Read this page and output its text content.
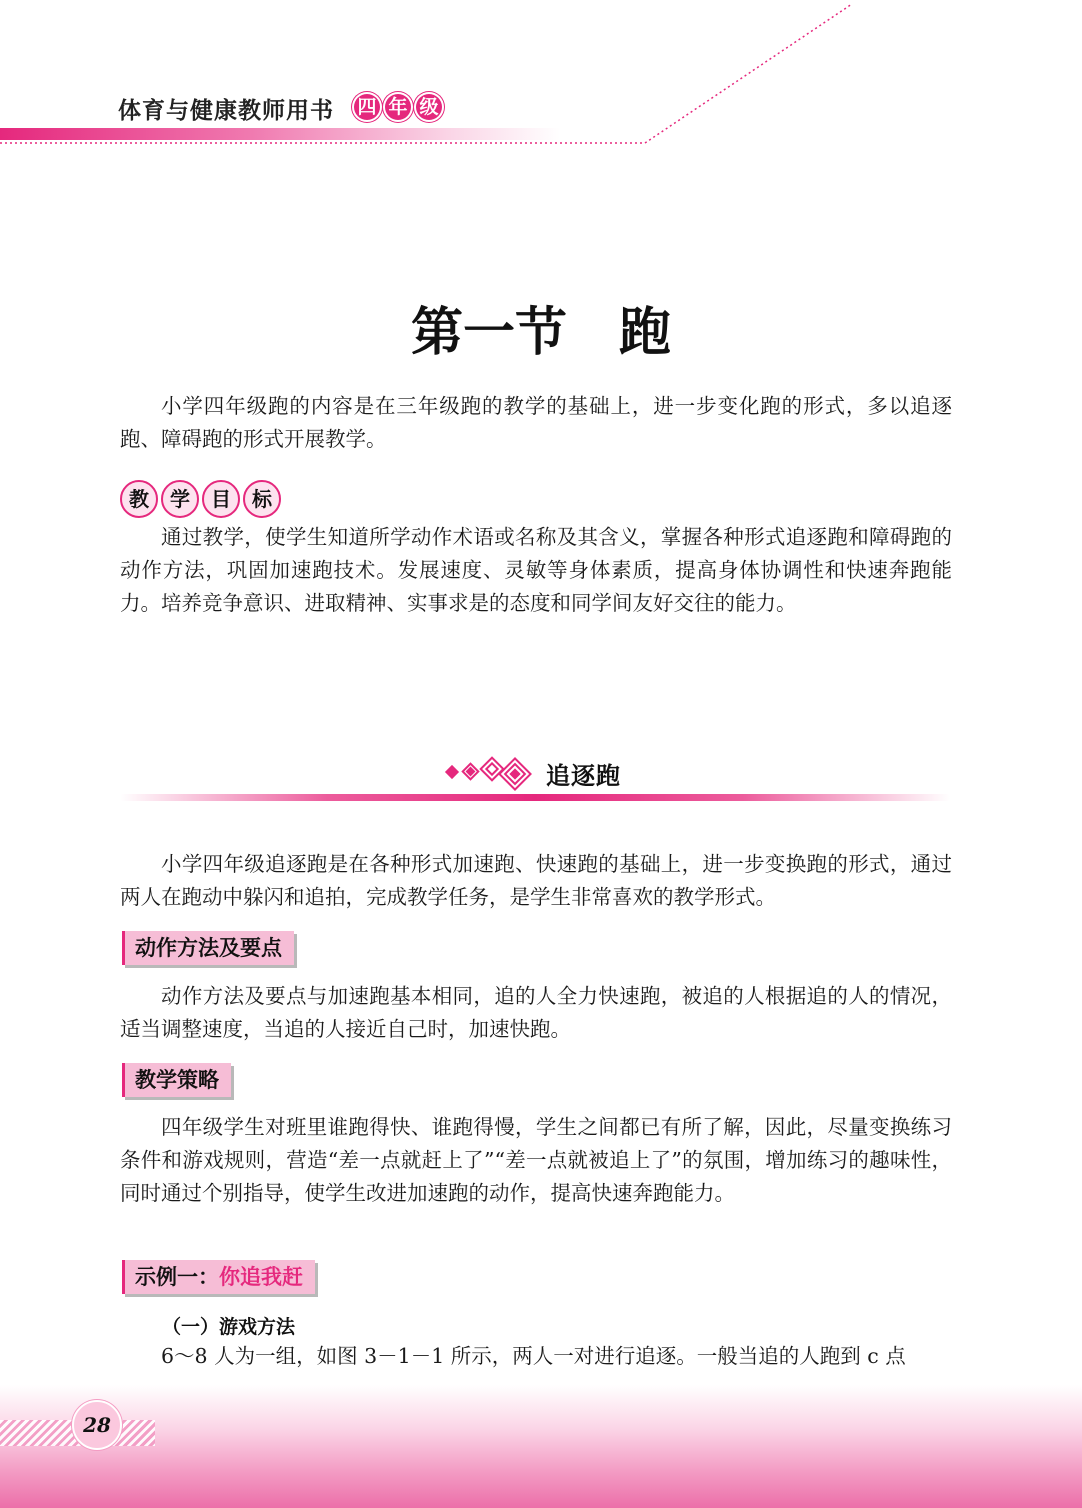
体育与健康教师用书 四 年 级
第一节　跑

小学四年级跑的内容是在三年级跑的教学的基础上，进一步变化跑的形式，多以追逐跑、障碍跑的形式开展教学。

教 学 目 标

通过教学，使学生知道所学动作术语或名称及其含义，掌握各种形式追逐跑和障碍跑的动作方法，巩固加速跑技术。发展速度、灵敏等身体素质，提高身体协调性和快速奔跑能力。培养竞争意识、进取精神、实事求是的态度和同学间友好交往的能力。

追逐跑

小学四年级追逐跑是在各种形式加速跑、快速跑的基础上，进一步变换跑的形式，通过两人在跑动中躲闪和追拍，完成教学任务，是学生非常喜欢的教学形式。

动作方法及要点

动作方法及要点与加速跑基本相同，追的人全力快速跑，被追的人根据追的人的情况，适当调整速度，当追的人接近自己时，加速快跑。

教学策略

四年级学生对班里谁跑得快、谁跑得慢，学生之间都已有所了解，因此，尽量变换练习条件和游戏规则，营造“差一点就赶上了”“差一点就被追上了”的氛围，增加练习的趣味性，同时通过个别指导，使学生改进加速跑的动作，提高快速奔跑能力。

示例一：你追我赶
（一）游戏方法

6～8 人为一组，如图 3－1－1 所示，两人一对进行追逐。一般当追的人跑到 c 点

28
